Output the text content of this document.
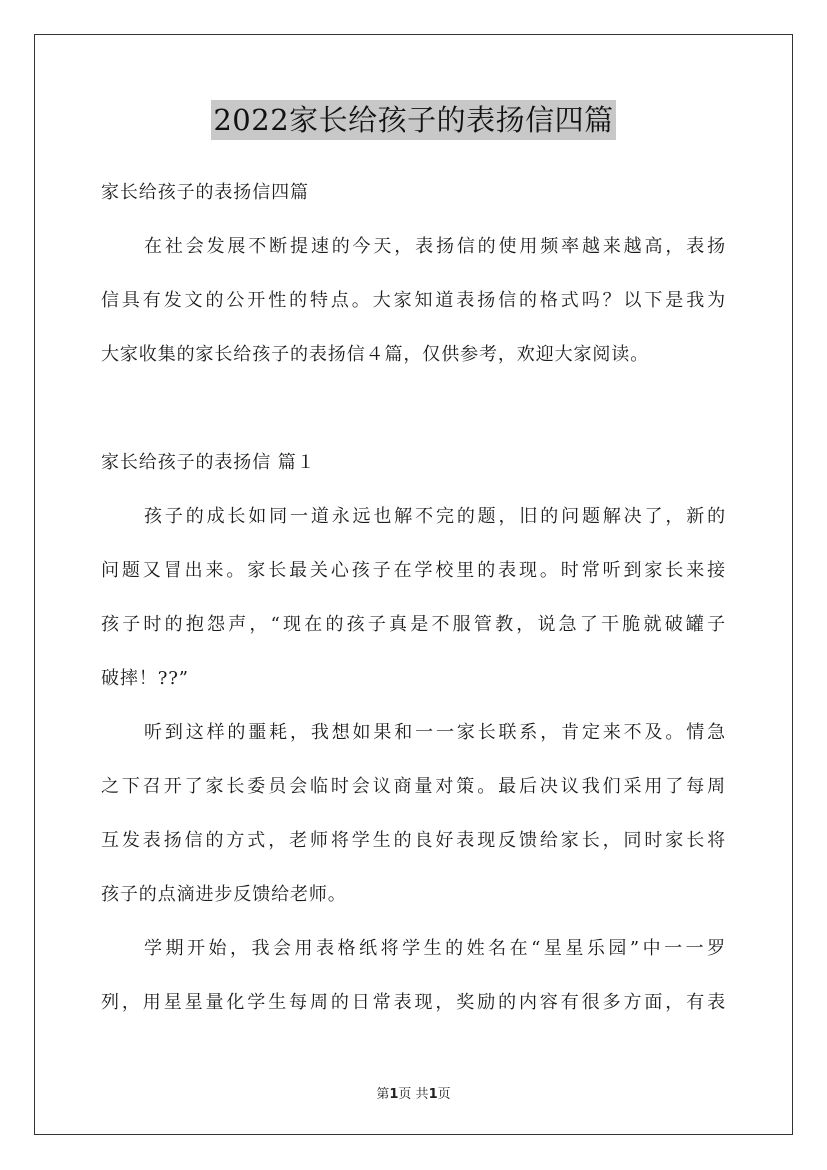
2022家长给孩子的表扬信四篇
家长给孩子的表扬信四篇
在社会发展不断提速的今天，表扬信的使用频率越来越高，表扬
信具有发文的公开性的特点。大家知道表扬信的格式吗？以下是我为
大家收集的家长给孩子的表扬信４篇，仅供参考，欢迎大家阅读。
家长给孩子的表扬信 篇１
孩子的成长如同一道永远也解不完的题，旧的问题解决了，新的
问题又冒出来。家长最关心孩子在学校里的表现。时常听到家长来接
孩子时的抱怨声，“现在的孩子真是不服管教，说急了干脆就破罐子
破摔！??”
听到这样的噩耗，我想如果和一一家长联系，肯定来不及。情急
之下召开了家长委员会临时会议商量对策。最后决议我们采用了每周
互发表扬信的方式，老师将学生的良好表现反馈给家长，同时家长将
孩子的点滴进步反馈给老师。
学期开始，我会用表格纸将学生的姓名在“星星乐园”中一一罗
列，用星星量化学生每周的日常表现，奖励的内容有很多方面，有表
第1页 共1页
